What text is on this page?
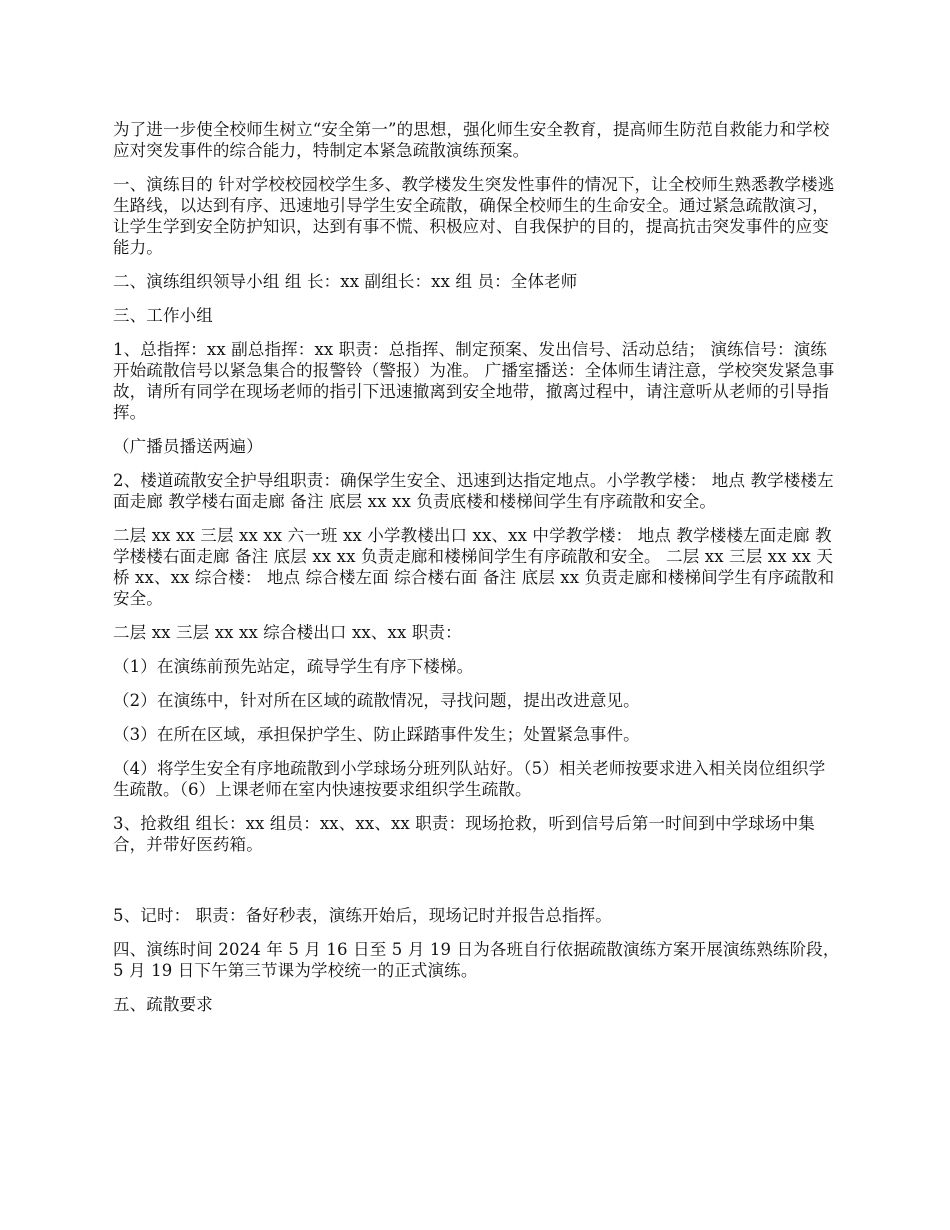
为了进一步使全校师生树立“安全第一”的思想，强化师生安全教育，提高师生防范自救能力和学校应对突发事件的综合能力，特制定本紧急疏散演练预案。

一、演练目的 针对学校校园校学生多、教学楼发生突发性事件的情况下，让全校师生熟悉教学楼逃生路线，以达到有序、迅速地引导学生安全疏散，确保全校师生的生命安全。通过紧急疏散演习，让学生学到安全防护知识，达到有事不慌、积极应对、自我保护的目的，提高抗击突发事件的应变能力。

二、演练组织领导小组 组 长：xx 副组长：xx 组 员：全体老师

三、工作小组

1、总指挥：xx 副总指挥：xx 职责：总指挥、制定预案、发出信号、活动总结； 演练信号：演练开始疏散信号以紧急集合的报警铃（警报）为准。 广播室播送：全体师生请注意，学校突发紧急事故，请所有同学在现场老师的指引下迅速撤离到安全地带，撤离过程中，请注意听从老师的引导指挥。

（广播员播送两遍）

2、楼道疏散安全护导组职责：确保学生安全、迅速到达指定地点。小学教学楼： 地点 教学楼楼左面走廊 教学楼右面走廊 备注 底层 xx xx 负责底楼和楼梯间学生有序疏散和安全。

二层 xx xx 三层 xx xx 六一班 xx 小学教楼出口 xx、xx 中学教学楼： 地点 教学楼楼左面走廊 教学楼楼右面走廊 备注 底层 xx xx 负责走廊和楼梯间学生有序疏散和安全。 二层 xx 三层 xx xx 天桥 xx、xx 综合楼： 地点 综合楼左面 综合楼右面 备注 底层 xx 负责走廊和楼梯间学生有序疏散和安全。

二层 xx 三层 xx xx 综合楼出口 xx、xx 职责：

（1）在演练前预先站定，疏导学生有序下楼梯。

（2）在演练中，针对所在区域的疏散情况，寻找问题，提出改进意见。

（3）在所在区域，承担保护学生、防止踩踏事件发生；处置紧急事件。

（4）将学生安全有序地疏散到小学球场分班列队站好。（5）相关老师按要求进入相关岗位组织学生疏散。（6）上课老师在室内快速按要求组织学生疏散。

3、抢救组 组长：xx 组员：xx、xx、xx 职责：现场抢救，听到信号后第一时间到中学球场中集合，并带好医药箱。

5、记时： 职责：备好秒表，演练开始后，现场记时并报告总指挥。

四、演练时间 2024 年 5 月 16 日至 5 月 19 日为各班自行依据疏散演练方案开展演练熟练阶段，5 月 19 日下午第三节课为学校统一的正式演练。

五、疏散要求
